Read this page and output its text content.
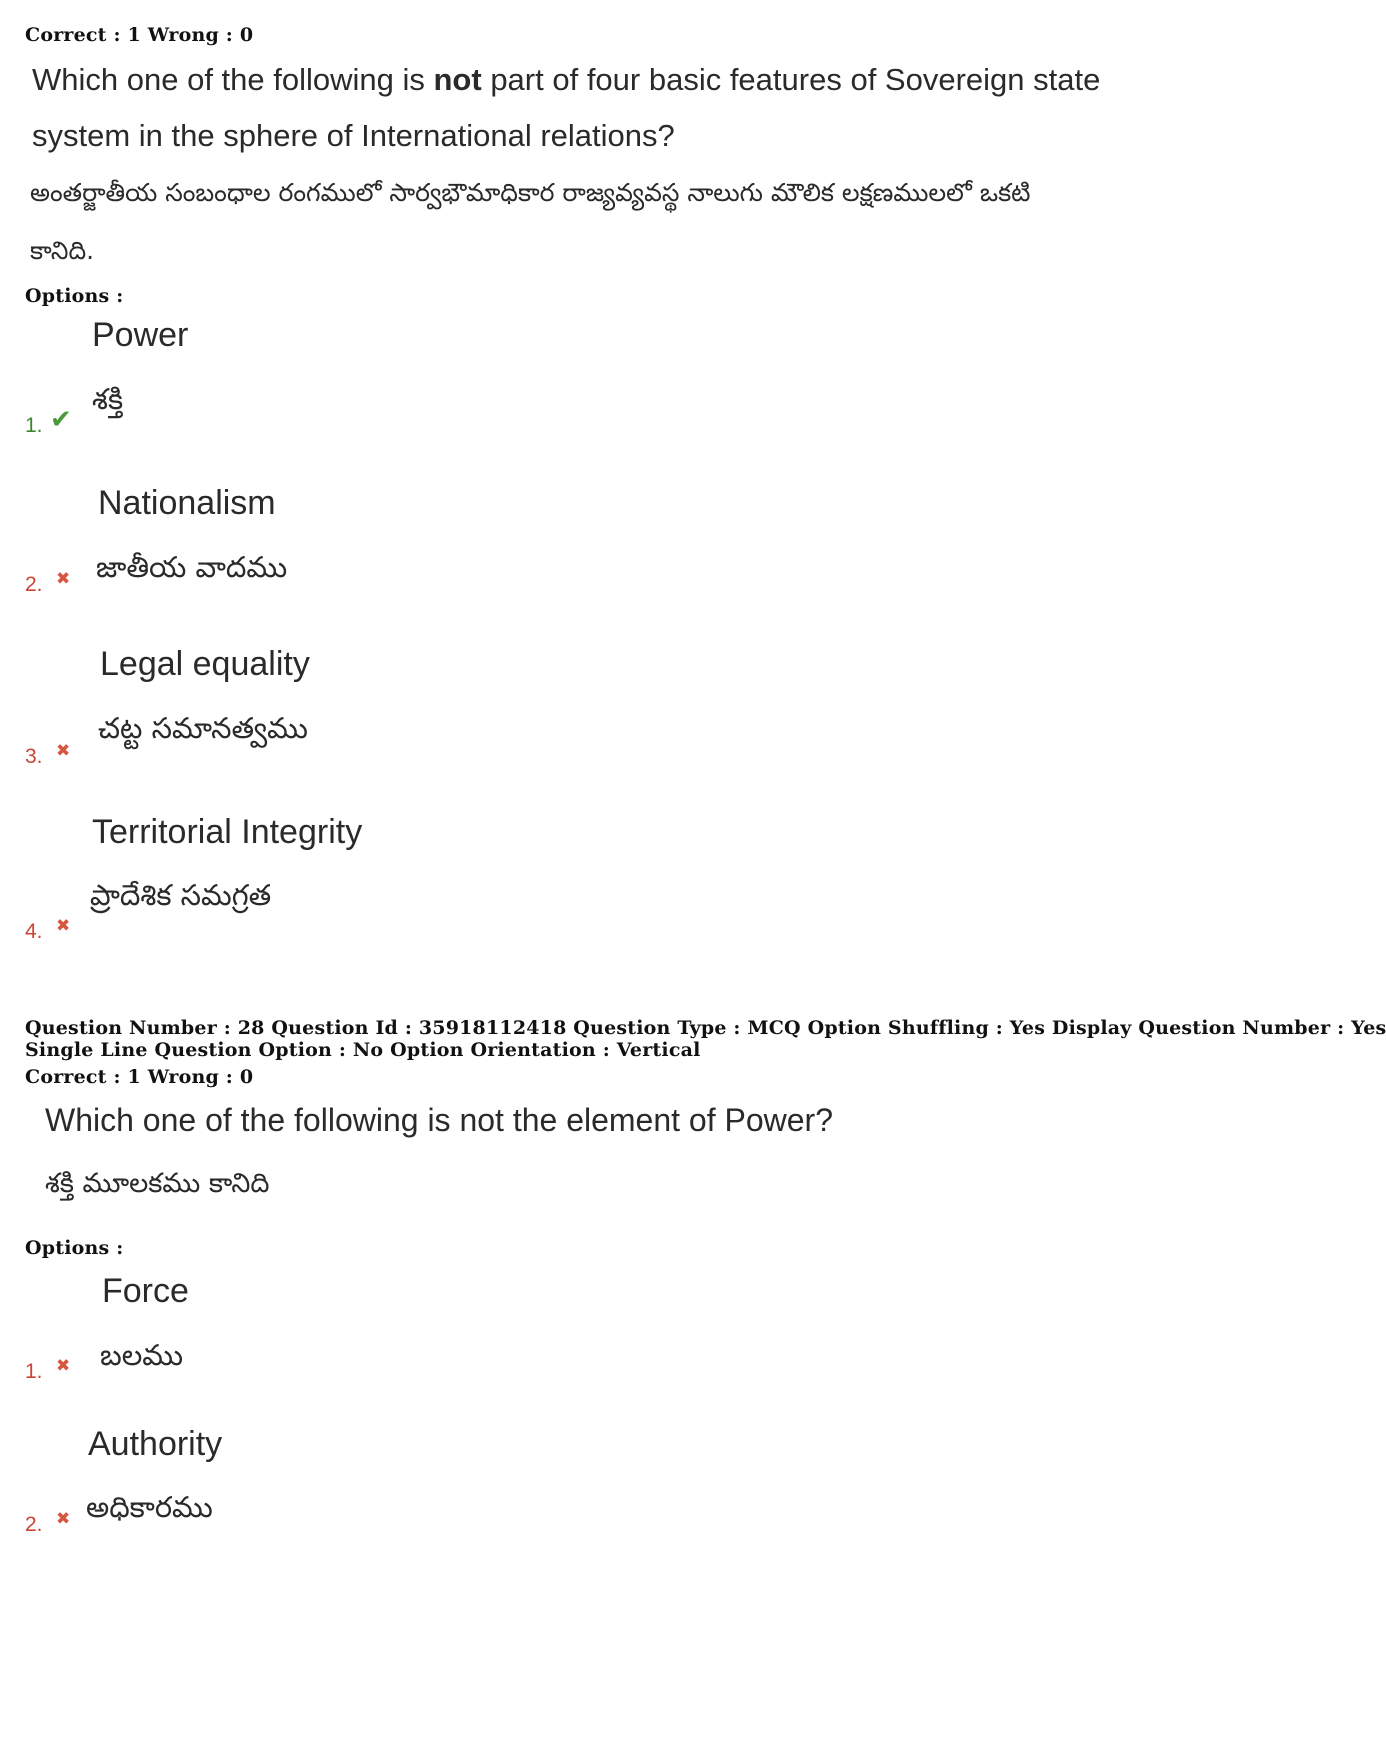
Correct : 1 Wrong : 0
Which one of the following is not part of four basic features of Sovereign state
system in the sphere of International relations?
అంతర్జాతీయ సంబంధాల రంగములో సార్వభౌమాధికార రాజ్యవ్యవస్థ నాలుగు మౌలిక లక్షణములలో ఒకటి
కానిది.
Options :
Power
శక్తి
1. ✔
Nationalism
జాతీయ వాదము
2. ✖
Legal equality
చట్ట సమానత్వము
3. ✖
Territorial Integrity
ప్రాదేశిక సమగ్రత
4. ✖
Question Number : 28 Question Id : 35918112418 Question Type : MCQ Option Shuffling : Yes Display Question Number : Yes
Single Line Question Option : No Option Orientation : Vertical
Correct : 1 Wrong : 0
Which one of the following is not the element of Power?
శక్తి మూలకము కానిది
Options :
Force
బలము
1. ✖
Authority
అధికారము
2. ✖
